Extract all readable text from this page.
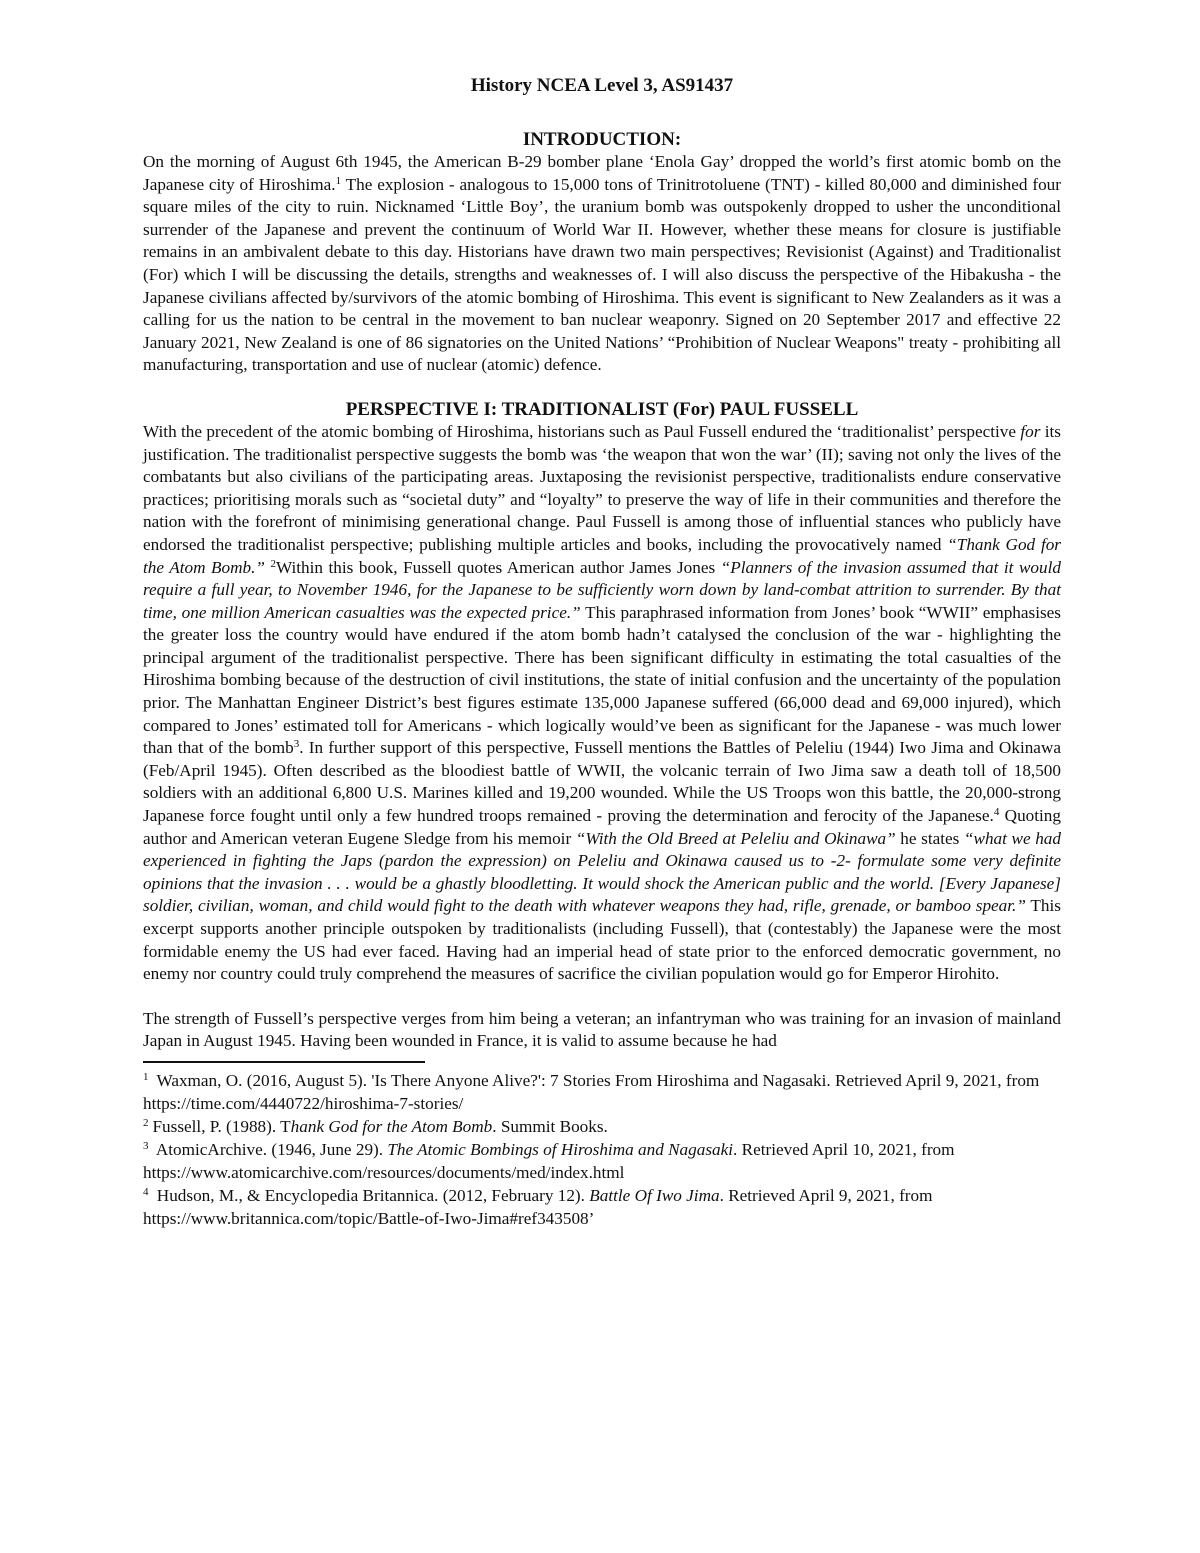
History NCEA Level 3, AS91437
INTRODUCTION:

On the morning of August 6th 1945, the American B-29 bomber plane ‘Enola Gay’ dropped the world’s first atomic bomb on the Japanese city of Hiroshima.$^1$ The explosion - analogous to 15,000 tons of Trinitrotoluene (TNT) - killed 80,000 and diminished four square miles of the city to ruin. Nicknamed ‘Little Boy’, the uranium bomb was outspokenly dropped to usher the unconditional surrender of the Japanese and prevent the continuum of World War II. However, whether these means for closure is justifiable remains in an ambivalent debate to this day. Historians have drawn two main perspectives; Revisionist (Against) and Traditionalist (For) which I will be discussing the details, strengths and weaknesses of. I will also discuss the perspective of the Hibakusha - the Japanese civilians affected by/survivors of the atomic bombing of Hiroshima. This event is significant to New Zealanders as it was a calling for us the nation to be central in the movement to ban nuclear weaponry. Signed on 20 September 2017 and effective 22 January 2021, New Zealand is one of 86 signatories on the United Nations’ “Prohibition of Nuclear Weapons" treaty - prohibiting all manufacturing, transportation and use of nuclear (atomic) defence.

PERSPECTIVE I: TRADITIONALIST (For) PAUL FUSSELL

With the precedent of the atomic bombing of Hiroshima, historians such as Paul Fussell endured the ‘traditionalist’ perspective for its justification. The traditionalist perspective suggests the bomb was ‘the weapon that won the war’ (II); saving not only the lives of the combatants but also civilians of the participating areas. Juxtaposing the revisionist perspective, traditionalists endure conservative practices; prioritising morals such as “societal duty” and “loyalty” to preserve the way of life in their communities and therefore the nation with the forefront of minimising generational change. Paul Fussell is among those of influential stances who publicly have endorsed the traditionalist perspective; publishing multiple articles and books, including the provocatively named “Thank God for the Atom Bomb.” $^2$Within this book, Fussell quotes American author James Jones “Planners of the invasion assumed that it would require a full year, to November 1946, for the Japanese to be sufficiently worn down by land-combat attrition to surrender. By that time, one million American casualties was the expected price.” This paraphrased information from Jones’ book “WWII” emphasises the greater loss the country would have endured if the atom bomb hadn’t catalysed the conclusion of the war - highlighting the principal argument of the traditionalist perspective. There has been significant difficulty in estimating the total casualties of the Hiroshima bombing because of the destruction of civil institutions, the state of initial confusion and the uncertainty of the population prior. The Manhattan Engineer District’s best figures estimate 135,000 Japanese suffered (66,000 dead and 69,000 injured), which compared to Jones’ estimated toll for Americans - which logically would’ve been as significant for the Japanese - was much lower than that of the bomb$^3$. In further support of this perspective, Fussell mentions the Battles of Peleliu (1944) Iwo Jima and Okinawa (Feb/April 1945). Often described as the bloodiest battle of WWII, the volcanic terrain of Iwo Jima saw a death toll of 18,500 soldiers with an additional 6,800 U.S. Marines killed and 19,200 wounded. While the US Troops won this battle, the 20,000-strong Japanese force fought until only a few hundred troops remained - proving the determination and ferocity of the Japanese.$^4$ Quoting author and American veteran Eugene Sledge from his memoir “With the Old Breed at Peleliu and Okinawa” he states “what we had experienced in fighting the Japs (pardon the expression) on Peleliu and Okinawa caused us to -2- formulate some very definite opinions that the invasion . . . would be a ghastly bloodletting. It would shock the American public and the world. [Every Japanese] soldier, civilian, woman, and child would fight to the death with whatever weapons they had, rifle, grenade, or bamboo spear.” This excerpt supports another principle outspoken by traditionalists (including Fussell), that (contestably) the Japanese were the most formidable enemy the US had ever faced. Having had an imperial head of state prior to the enforced democratic government, no enemy nor country could truly comprehend the measures of sacrifice the civilian population would go for Emperor Hirohito.

The strength of Fussell’s perspective verges from him being a veteran; an infantryman who was training for an invasion of mainland Japan in August 1945. Having been wounded in France, it is valid to assume because he had

$^1$ Waxman, O. (2016, August 5). 'Is There Anyone Alive?': 7 Stories From Hiroshima and Nagasaki. Retrieved April 9, 2021, from https://time.com/4440722/hiroshima-7-stories/
$^2$ Fussell, P. (1988). Thank God for the Atom Bomb. Summit Books.
$^3$ AtomicArchive. (1946, June 29). The Atomic Bombings of Hiroshima and Nagasaki. Retrieved April 10, 2021, from https://www.atomicarchive.com/resources/documents/med/index.html
$^4$ Hudson, M., & Encyclopedia Britannica. (2012, February 12). Battle Of Iwo Jima. Retrieved April 9, 2021, from https://www.britannica.com/topic/Battle-of-Iwo-Jima#ref343508’
